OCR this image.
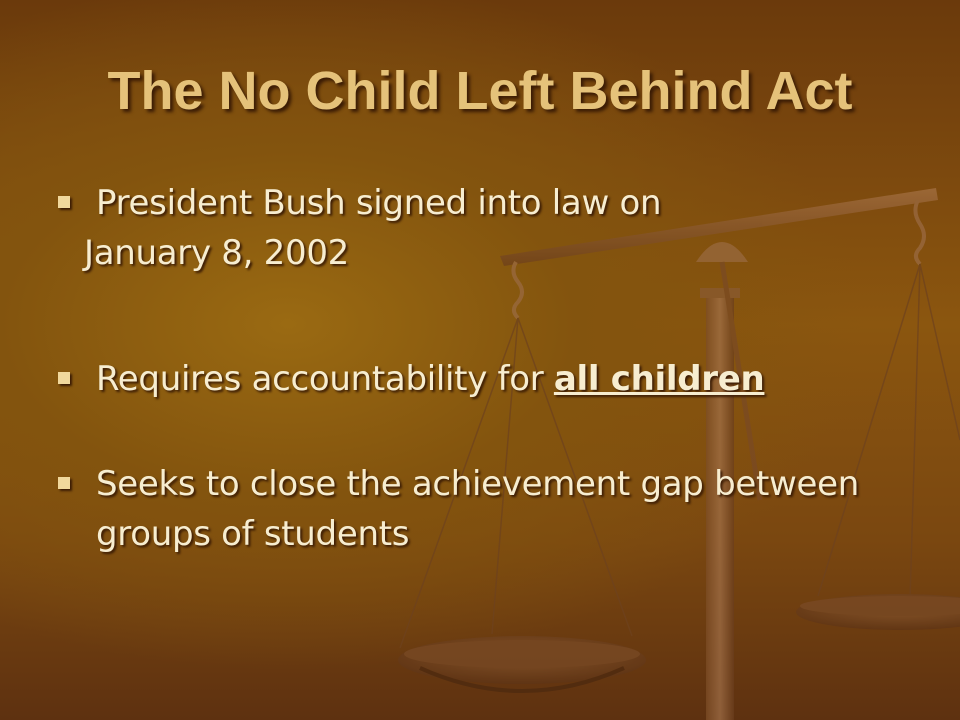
The No Child Left Behind Act
President Bush signed into law on
January 8, 2002
Requires accountability for all children
Seeks to close the achievement gap between groups of students
